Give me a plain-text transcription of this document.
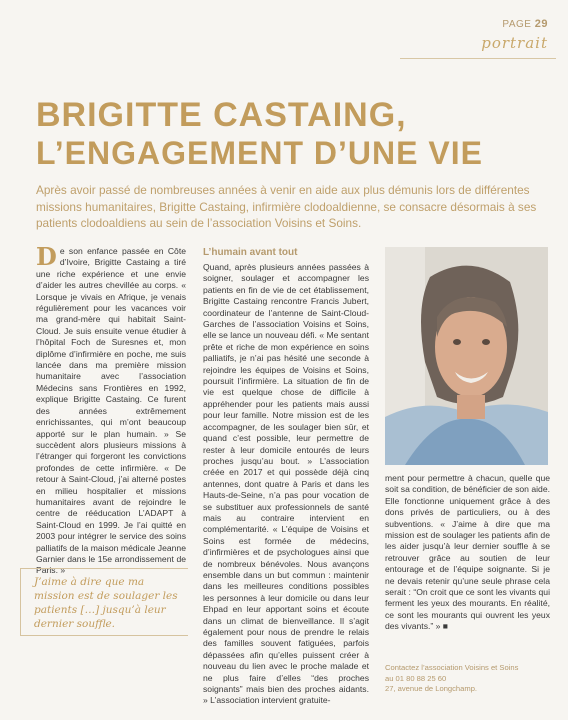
PAGE 29
portrait
BRIGITTE CASTAING,
L’ENGAGEMENT D’UNE VIE

Après avoir passé de nombreuses années à venir en aide aux plus démunis lors de différentes missions humanitaires, Brigitte Castaing, infirmière clodoaldienne, se consacre désormais à ses patients clodoaldiens au sein de l’association Voisins et Soins.

D e son enfance passée en Côte d’Ivoire, Brigitte Castaing a tiré une riche expérience et une envie d’aider les autres chevillée au corps. « Lorsque je vivais en Afrique, je venais régulièrement pour les vacances voir ma grand-mère qui habitait Saint-Cloud. Je suis ensuite venue étudier à l’hôpital Foch de Suresnes et, mon diplôme d’infirmière en poche, me suis lancée dans ma première mission humanitaire avec l’association Médecins sans Frontières en 1992, explique Brigitte Castaing. Ce furent des années extrêmement enrichissantes, qui m’ont beaucoup apporté sur le plan humain. » Se succèdent alors plusieurs missions à l’étranger qui forgeront les convictions profondes de cette infirmière. « De retour à Saint-Cloud, j’ai alterné postes en milieu hospitalier et missions humanitaires avant de rejoindre le centre de rééducation L’ADAPT à Saint-Cloud en 1999. Je l’ai quitté en 2003 pour intégrer le service des soins palliatifs de la maison médicale Jeanne Garnier dans le 15e arrondissement de Paris. »

J’aime à dire que ma mission est de soulager les patients […] jusqu’à leur dernier souffle.

L’humain avant tout

Quand, après plusieurs années passées à soigner, soulager et accompagner les patients en fin de vie de cet établissement, Brigitte Castaing rencontre Francis Jubert, coordinateur de l’antenne de Saint-Cloud-Garches de l’association Voisins et Soins, elle se lance un nouveau défi. « Me sentant prête et riche de mon expérience en soins palliatifs, je n’ai pas hésité une seconde à rejoindre les équipes de Voisins et Soins, poursuit l’infirmière. La situation de fin de vie est quelque chose de difficile à appréhender pour les patients mais aussi pour leur famille. Notre mission est de les accompagner, de les soulager bien sûr, et quand c’est possible, leur permettre de rester à leur domicile entourés de leurs proches jusqu’au bout. » L’association créée en 2017 et qui possède déjà cinq antennes, dont quatre à Paris et dans les Hauts-de-Seine, n’a pas pour vocation de se substituer aux professionnels de santé mais au contraire intervient en complémentarité. « L’équipe de Voisins et Soins est formée de médecins, d’infirmières et de psychologues ainsi que de nombreux bénévoles. Nous avançons ensemble dans un but commun : maintenir dans les meilleures conditions possibles les personnes à leur domicile ou dans leur Ehpad en leur apportant soins et écoute dans un climat de bienveillance. Il s’agit également pour nous de prendre le relais des familles souvent fatiguées, parfois dépassées afin qu’elles puissent créer à nouveau du lien avec le proche malade et ne plus faire d’elles “des proches soignants” mais bien des proches aidants. » L’association intervient gratuite-

ment pour permettre à chacun, quelle que soit sa condition, de bénéficier de son aide. Elle fonctionne uniquement grâce à des dons privés de particuliers, ou à des subventions. « J’aime à dire que ma mission est de soulager les patients afin de les aider jusqu’à leur dernier souffle à se retrouver grâce au soutien de leur entourage et de l’équipe soignante. Si je ne devais retenir qu’une seule phrase cela serait : “On croit que ce sont les vivants qui ferment les yeux des mourants. En réalité, ce sont les mourants qui ouvrent les yeux des vivants.” » ■

Contactez l’association Voisins et Soins
au 01 80 88 25 60
27, avenue de Longchamp.
